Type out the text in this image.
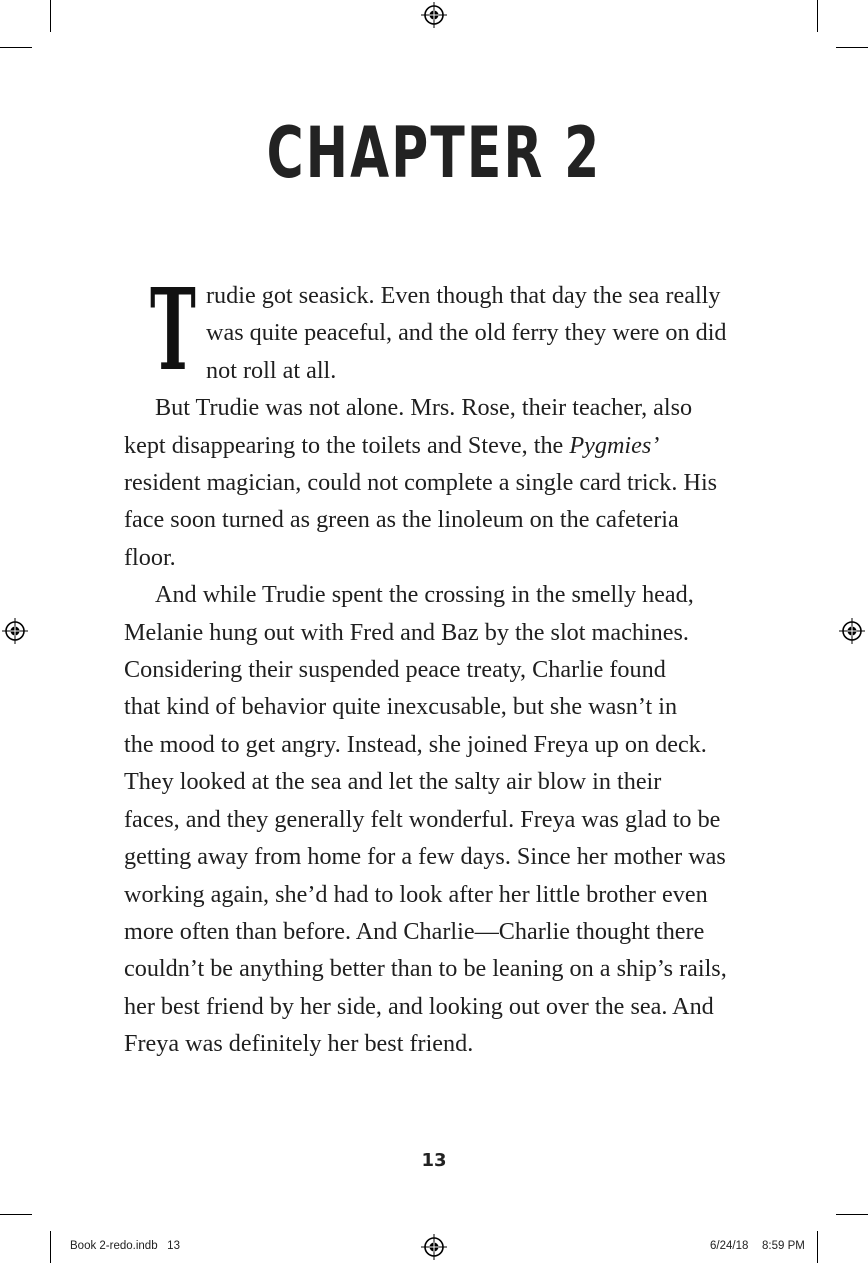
CHAPTER 2
T rudie got seasick. Even though that day the sea really
was quite peaceful, and the old ferry they were on did
not roll at all.
But Trudie was not alone. Mrs. Rose, their teacher, also
kept disappearing to the toilets and Steve, the Pygmies’
resident magician, could not complete a single card trick. His
face soon turned as green as the linoleum on the cafeteria
floor.
And while Trudie spent the crossing in the smelly head,
Melanie hung out with Fred and Baz by the slot machines.
Considering their suspended peace treaty, Charlie found
that kind of behavior quite inexcusable, but she wasn’t in
the mood to get angry. Instead, she joined Freya up on deck.
They looked at the sea and let the salty air blow in their
faces, and they generally felt wonderful. Freya was glad to be
getting away from home for a few days. Since her mother was
working again, she’d had to look after her little brother even
more often than before. And Charlie—Charlie thought there
couldn’t be anything better than to be leaning on a ship’s rails,
her best friend by her side, and looking out over the sea. And
Freya was definitely her best friend.
13
Book 2-redo.indb   13	6/24/18 8:59 PM
